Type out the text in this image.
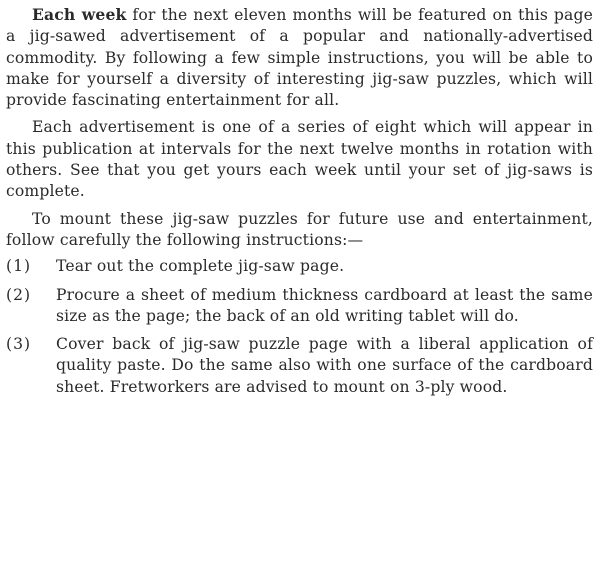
Each week for the next eleven months will be featured on this page a jig-sawed advertisement of a popular and nationally-advertised commodity. By following a few simple instructions, you will be able to make for yourself a diversity of interesting jig-saw puzzles, which will provide fascinating entertainment for all.

Each advertisement is one of a series of eight which will appear in this publication at intervals for the next twelve months in rotation with others. See that you get yours each week until your set of jig-saws is complete.

To mount these jig-saw puzzles for future use and entertainment, follow carefully the following instructions:—

(1)	Tear out the complete jig-saw page.
(2)	Procure a sheet of medium thickness cardboard at least the same size as the page; the back of an old writing tablet will do.
(3)	Cover back of jig-saw puzzle page with a liberal application of quality paste. Do the same also with one surface of the cardboard sheet. Fretworkers are advised to mount on 3-ply wood.
